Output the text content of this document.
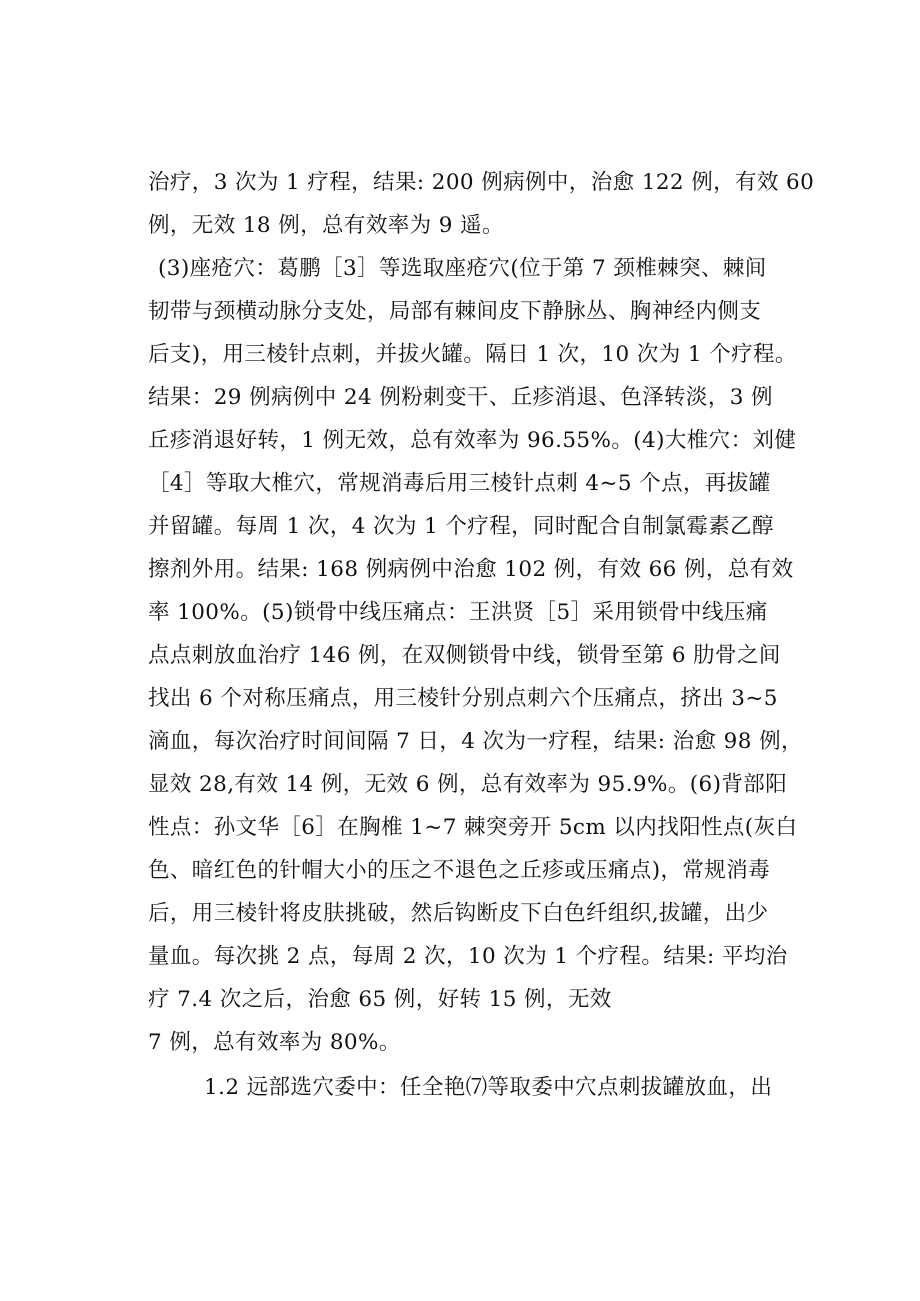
治疗，3 次为 1 疗程，结果: 200 例病例中，治愈 122 例，有效 60
例，无效 18 例，总有效率为 9 遥。
(3)座疮穴：葛鹏［3］等选取座疮穴(位于第 7 颈椎棘突、棘间
韧带与颈横动脉分支处，局部有棘间皮下静脉丛、胸神经内侧支
后支)，用三棱针点刺，并拔火罐。隔日 1 次，10 次为 1 个疗程。
结果：29 例病例中 24 例粉刺变干、丘疹消退、色泽转淡，3 例
丘疹消退好转，1 例无效，总有效率为 96.55%。(4)大椎穴：刘健
［4］等取大椎穴，常规消毒后用三棱针点刺 4~5 个点，再拔罐
并留罐。每周 1 次，4 次为 1 个疗程，同时配合自制氯霉素乙醇
擦剂外用。结果: 168 例病例中治愈 102 例，有效 66 例，总有效
率 100%。(5)锁骨中线压痛点：王洪贤［5］采用锁骨中线压痛
点点刺放血治疗 146 例，在双侧锁骨中线，锁骨至第 6 肋骨之间
找出 6 个对称压痛点，用三棱针分别点刺六个压痛点，挤出 3~5
滴血，每次治疗时间间隔 7 日，4 次为一疗程，结果: 治愈 98 例，
显效 28,有效 14 例，无效 6 例，总有效率为 95.9%。(6)背部阳
性点：孙文华［6］在胸椎 1~7 棘突旁开 5cm 以内找阳性点(灰白
色、暗红色的针帽大小的压之不退色之丘疹或压痛点)，常规消毒
后，用三棱针将皮肤挑破，然后钩断皮下白色纤组织,拔罐，出少
量血。每次挑 2 点，每周 2 次，10 次为 1 个疗程。结果: 平均治
疗 7.4 次之后，治愈 65 例，好转 15 例，无效
7 例，总有效率为 80%。
1.2 远部选穴委中：任全艳⑺等取委中穴点刺拔罐放血，出
